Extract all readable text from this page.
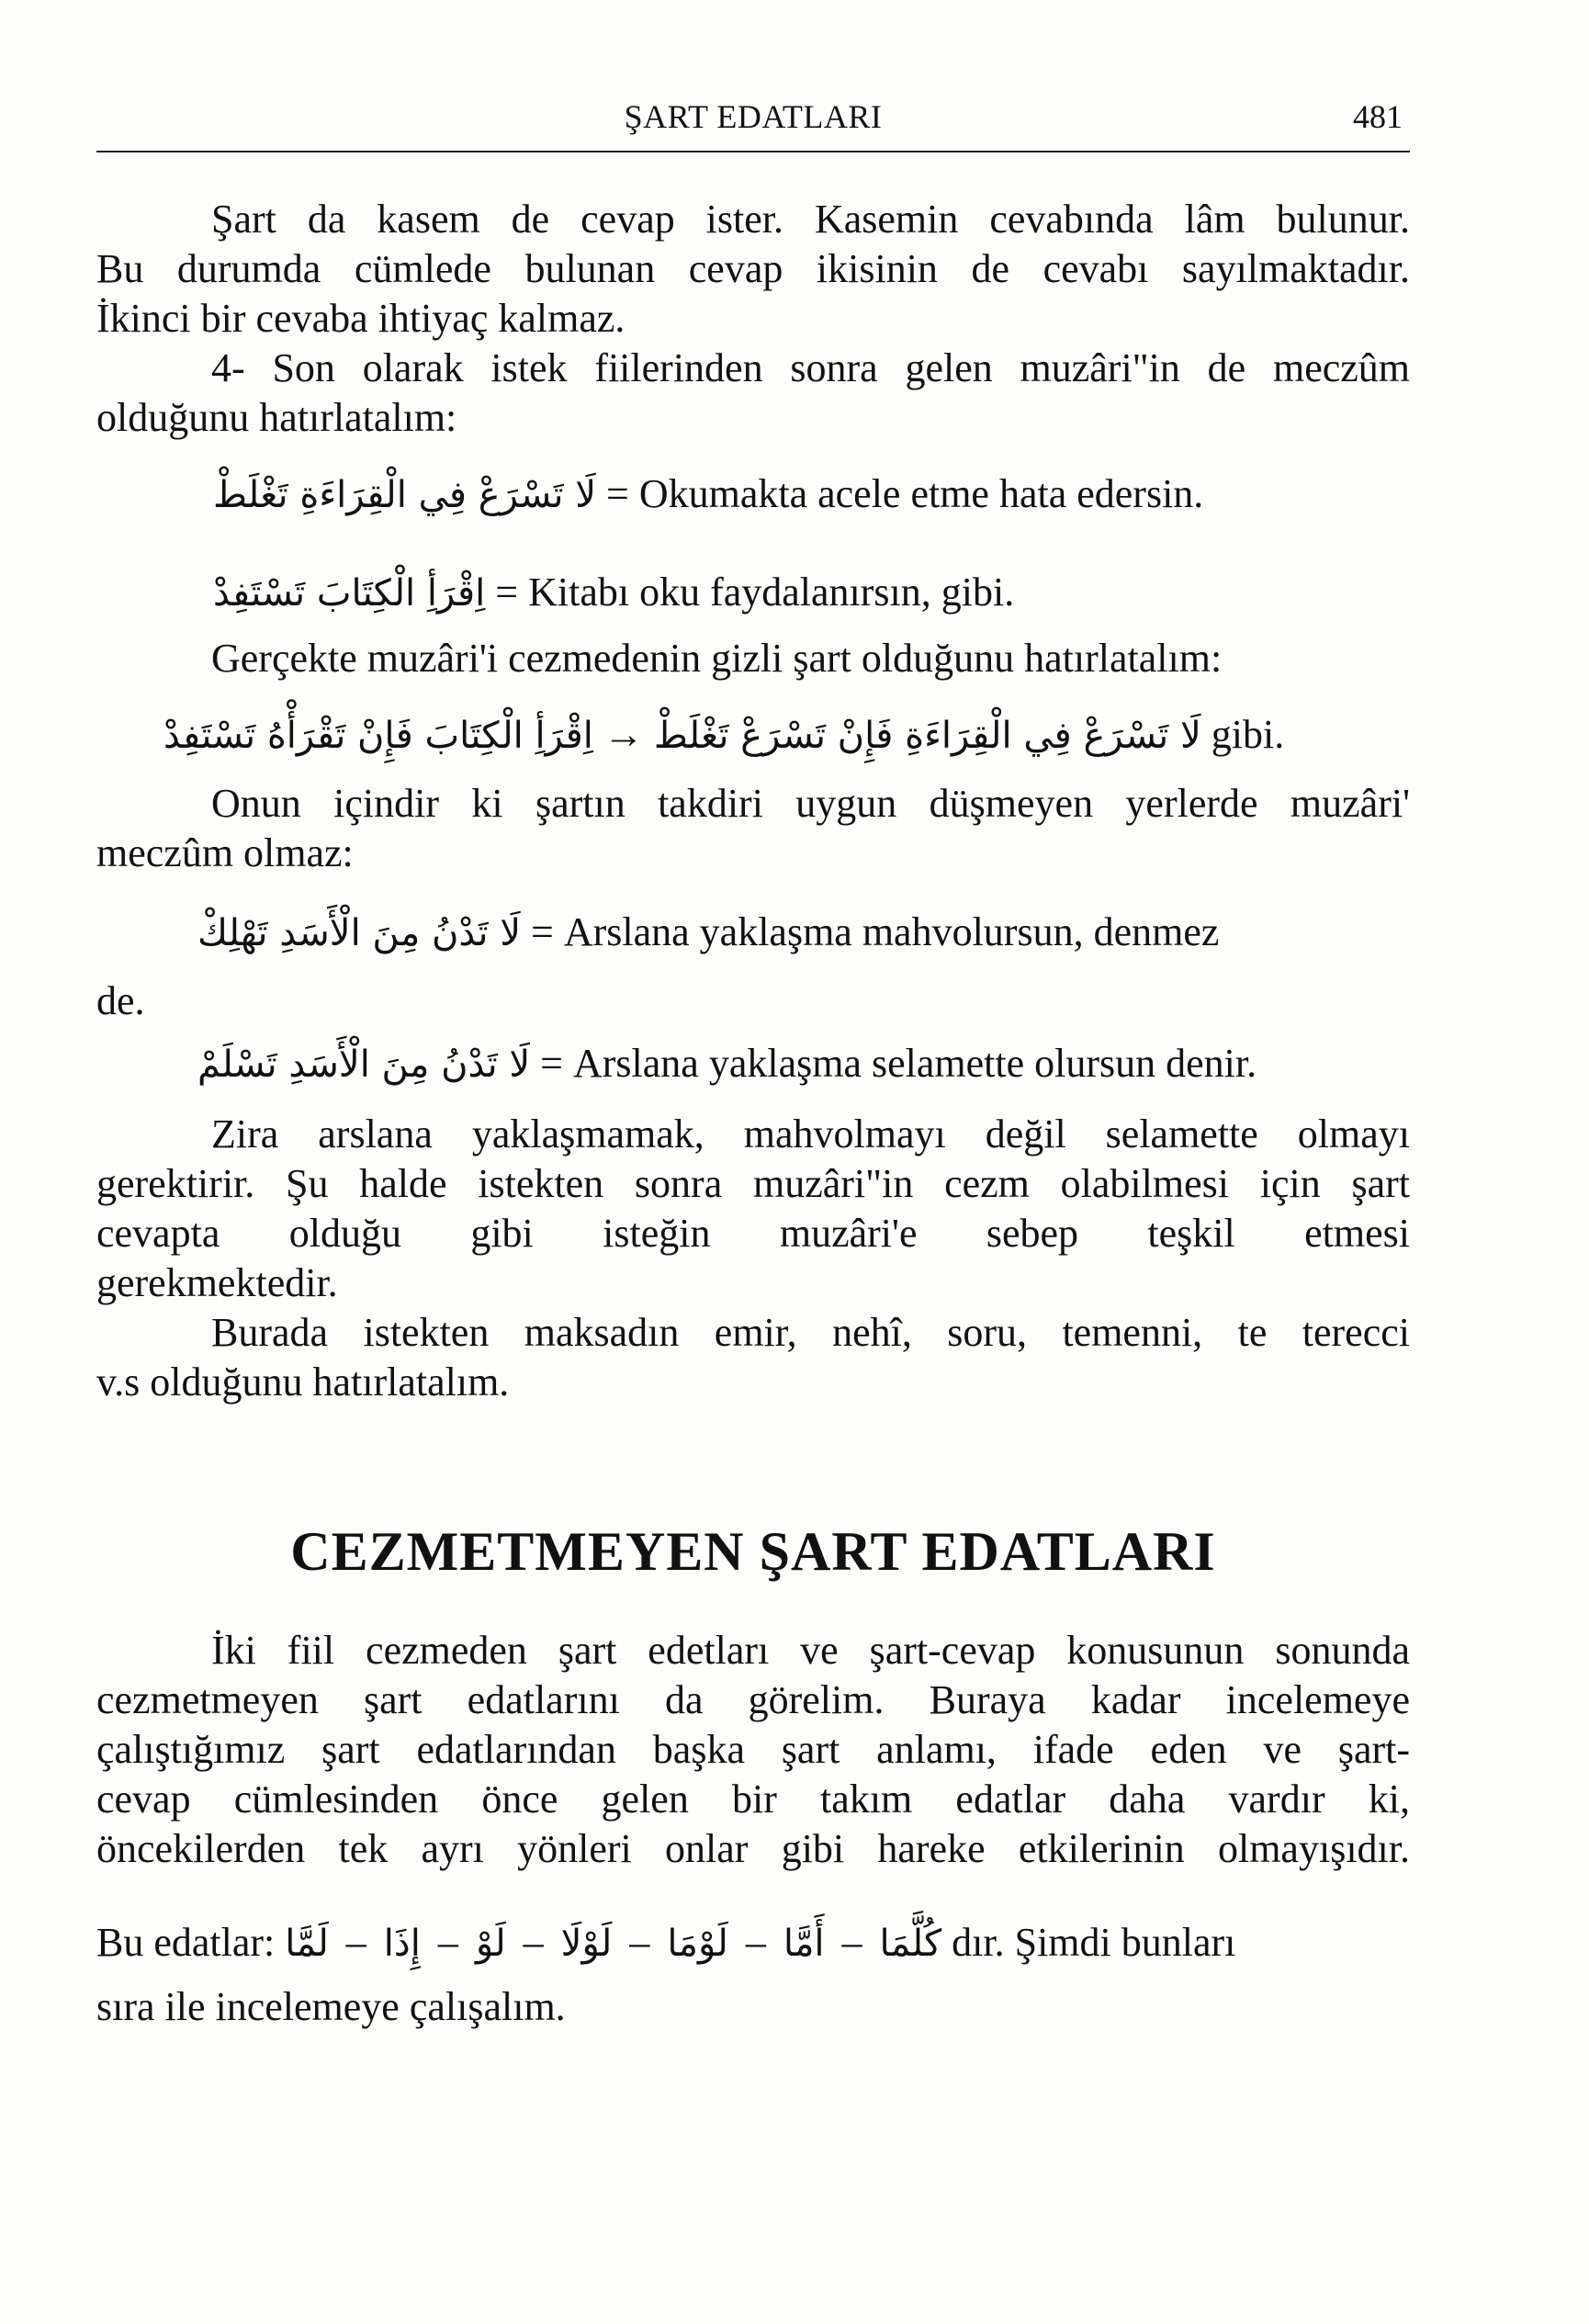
ŞART EDATLARI	481
Şart da kasem de cevap ister. Kasemin cevabında lâm bulunur.
Bu durumda cümlede bulunan cevap ikisinin de cevabı sayılmaktadır.
İkinci bir cevaba ihtiyaç kalmaz.
4- Son olarak istek fiilerinden sonra gelen muzâri"in de meczûm
olduğunu hatırlatalım:
لَا تَسْرَعْ فِي الْقِرَاءَةِ تَغْلَطْ = Okumakta acele etme hata edersin.
اِقْرَأِ الْكِتَابَ تَسْتَفِدْ = Kitabı oku faydalanırsın, gibi.
Gerçekte muzâri'i cezmedenin gizli şart olduğunu hatırlatalım:
اِقْرَأِ الْكِتَابَ فَإِنْ تَقْرَأْهُ تَسْتَفِدْ → لَا تَسْرَعْ فِي الْقِرَاءَةِ فَإِنْ تَسْرَعْ تَغْلَطْ gibi.
Onun içindir ki şartın takdiri uygun düşmeyen yerlerde muzâri'
meczûm olmaz:
لَا تَدْنُ مِنَ الْأَسَدِ تَهْلِكْ = Arslana yaklaşma mahvolursun, denmez
de.
لَا تَدْنُ مِنَ الْأَسَدِ تَسْلَمْ = Arslana yaklaşma selamette olursun denir.
Zira arslana yaklaşmamak, mahvolmayı değil selamette olmayı
gerektirir. Şu halde istekten sonra muzâri"in cezm olabilmesi için şart
cevapta olduğu gibi isteğin muzâri'e sebep teşkil etmesi
gerekmektedir.
Burada istekten maksadın emir, nehî, soru, temenni, te terecci
v.s olduğunu hatırlatalım.
CEZMETMEYEN ŞART EDATLARI
İki fiil cezmeden şart edetları ve şart-cevap konusunun sonunda
cezmetmeyen şart edatlarını da görelim. Buraya kadar incelemeye
çalıştığımız şart edatlarından başka şart anlamı, ifade eden ve şart-
cevap cümlesinden önce gelen bir takım edatlar daha vardır ki,
öncekilerden tek ayrı yönleri onlar gibi hareke etkilerinin olmayışıdır.
Bu edatlar: لَمَّا – إِذَا – لَوْ – لَوْلَا – لَوْمَا – أَمَّا – كُلَّمَا dır. Şimdi bunları
sıra ile incelemeye çalışalım.
